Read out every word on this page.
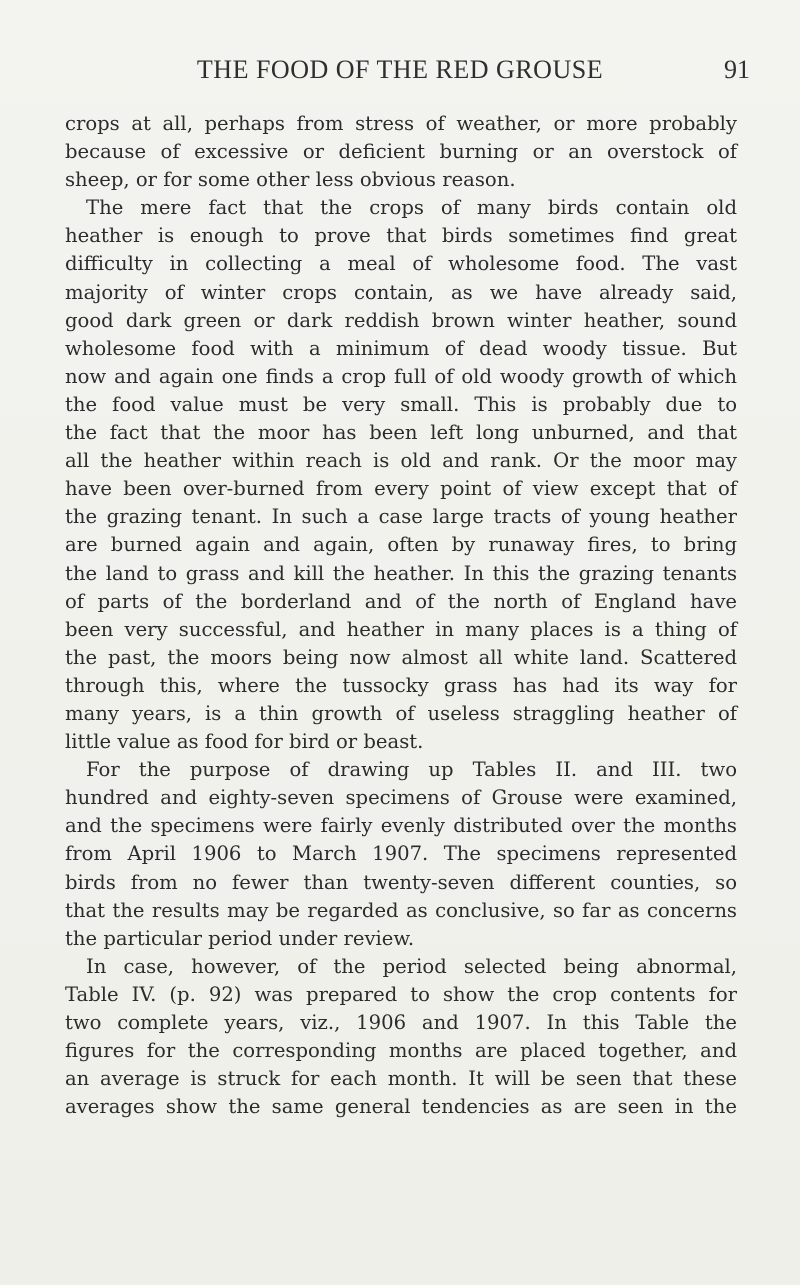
THE FOOD OF THE RED GROUSE	91
crops at all, perhaps from stress of weather, or more probably
because of excessive or deficient burning or an overstock of
sheep, or for some other less obvious reason.
The mere fact that the crops of many birds contain old
heather is enough to prove that birds sometimes find great
difficulty in collecting a meal of wholesome food. The vast
majority of winter crops contain, as we have already said,
good dark green or dark reddish brown winter heather, sound
wholesome food with a minimum of dead woody tissue. But
now and again one finds a crop full of old woody growth of which
the food value must be very small. This is probably due to
the fact that the moor has been left long unburned, and that
all the heather within reach is old and rank. Or the moor may
have been over-burned from every point of view except that of
the grazing tenant. In such a case large tracts of young heather
are burned again and again, often by runaway fires, to bring
the land to grass and kill the heather. In this the grazing tenants
of parts of the borderland and of the north of England have
been very successful, and heather in many places is a thing of
the past, the moors being now almost all white land. Scattered
through this, where the tussocky grass has had its way for
many years, is a thin growth of useless straggling heather of
little value as food for bird or beast.
For the purpose of drawing up Tables II. and III. two
hundred and eighty-seven specimens of Grouse were examined,
and the specimens were fairly evenly distributed over the months
from April 1906 to March 1907. The specimens represented
birds from no fewer than twenty-seven different counties, so
that the results may be regarded as conclusive, so far as concerns
the particular period under review.
In case, however, of the period selected being abnormal,
Table IV. (p. 92) was prepared to show the crop contents for
two complete years, viz., 1906 and 1907. In this Table the
figures for the corresponding months are placed together, and
an average is struck for each month. It will be seen that these
averages show the same general tendencies as are seen in the
